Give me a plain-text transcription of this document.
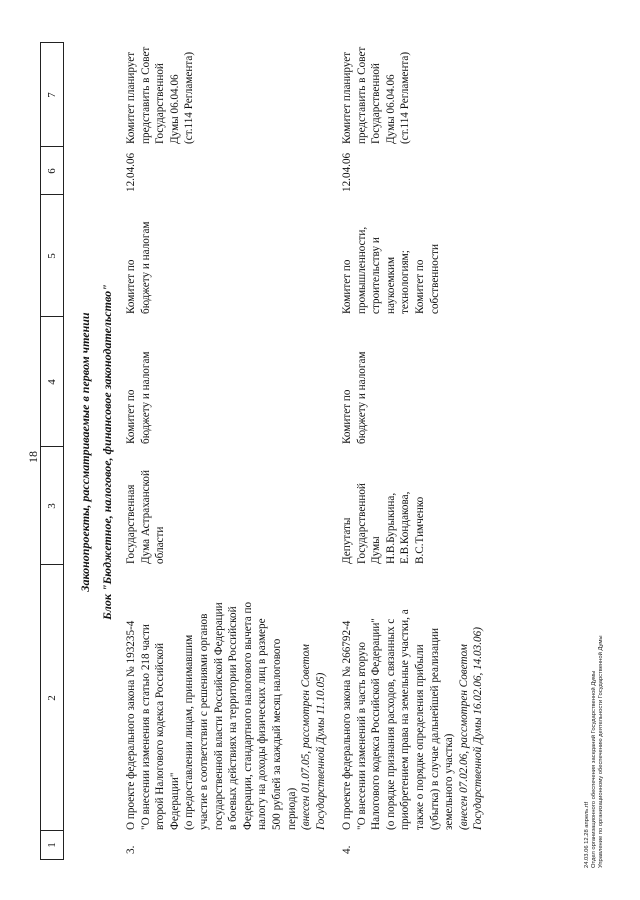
18
1
2
3
4
5
6
7
Законопроекты, рассматриваемые в первом чтении Блок "Бюджетное, налоговое, финансовое законодательство"
3.
О проекте федерального закона № 193235-4 "О внесении изменения в статью 218 части второй Налогового кодекса Российской Федерации" (о предоставлении лицам, принимавшим участие в соответствии с решениями органов государственной власти Российской Федерации в боевых действиях на территории Российской Федерации, стандартного налогового вычета по налогу на доходы физических лиц в размере 500 рублей за каждый месяц налогового периода) (внесен 01.07.05, рассмотрен Советом Государственной Думы 11.10.05)
Государственная Дума Астраханской области
Комитет по бюджету и налогам
Комитет по бюджету и налогам
12.04.06
Комитет планирует представить в Совет Государственной Думы 06.04.06 (ст.114 Регламента)
4.
О проекте федерального закона № 266792-4 "О внесении изменений в часть вторую Налогового кодекса Российской Федерации" (о порядке признания расходов, связанных с приобретением права на земельные участки, а также о порядке определения прибыли (убытка) в случае дальнейшей реализации земельного участка) (внесен 07.02.06, рассмотрен Советом Государственной Думы 16.02.06, 14.03.06)
Депутаты Государственной Думы Н.В.Бурыкина, Е.В.Кондакова, В.С.Тимченко
Комитет по бюджету и налогам
Комитет по промышленности, строительству и наукоемким технологиям; Комитет по собственности
12.04.06
Комитет планирует представить в Совет Государственной Думы 06.04.06 (ст.114 Регламента)
24.03.06 12.28 апрель.rtf Отдел организационного обеспечения заседаний Государственной Думы Управление по организационному обеспечению деятельности Государственной Думы
